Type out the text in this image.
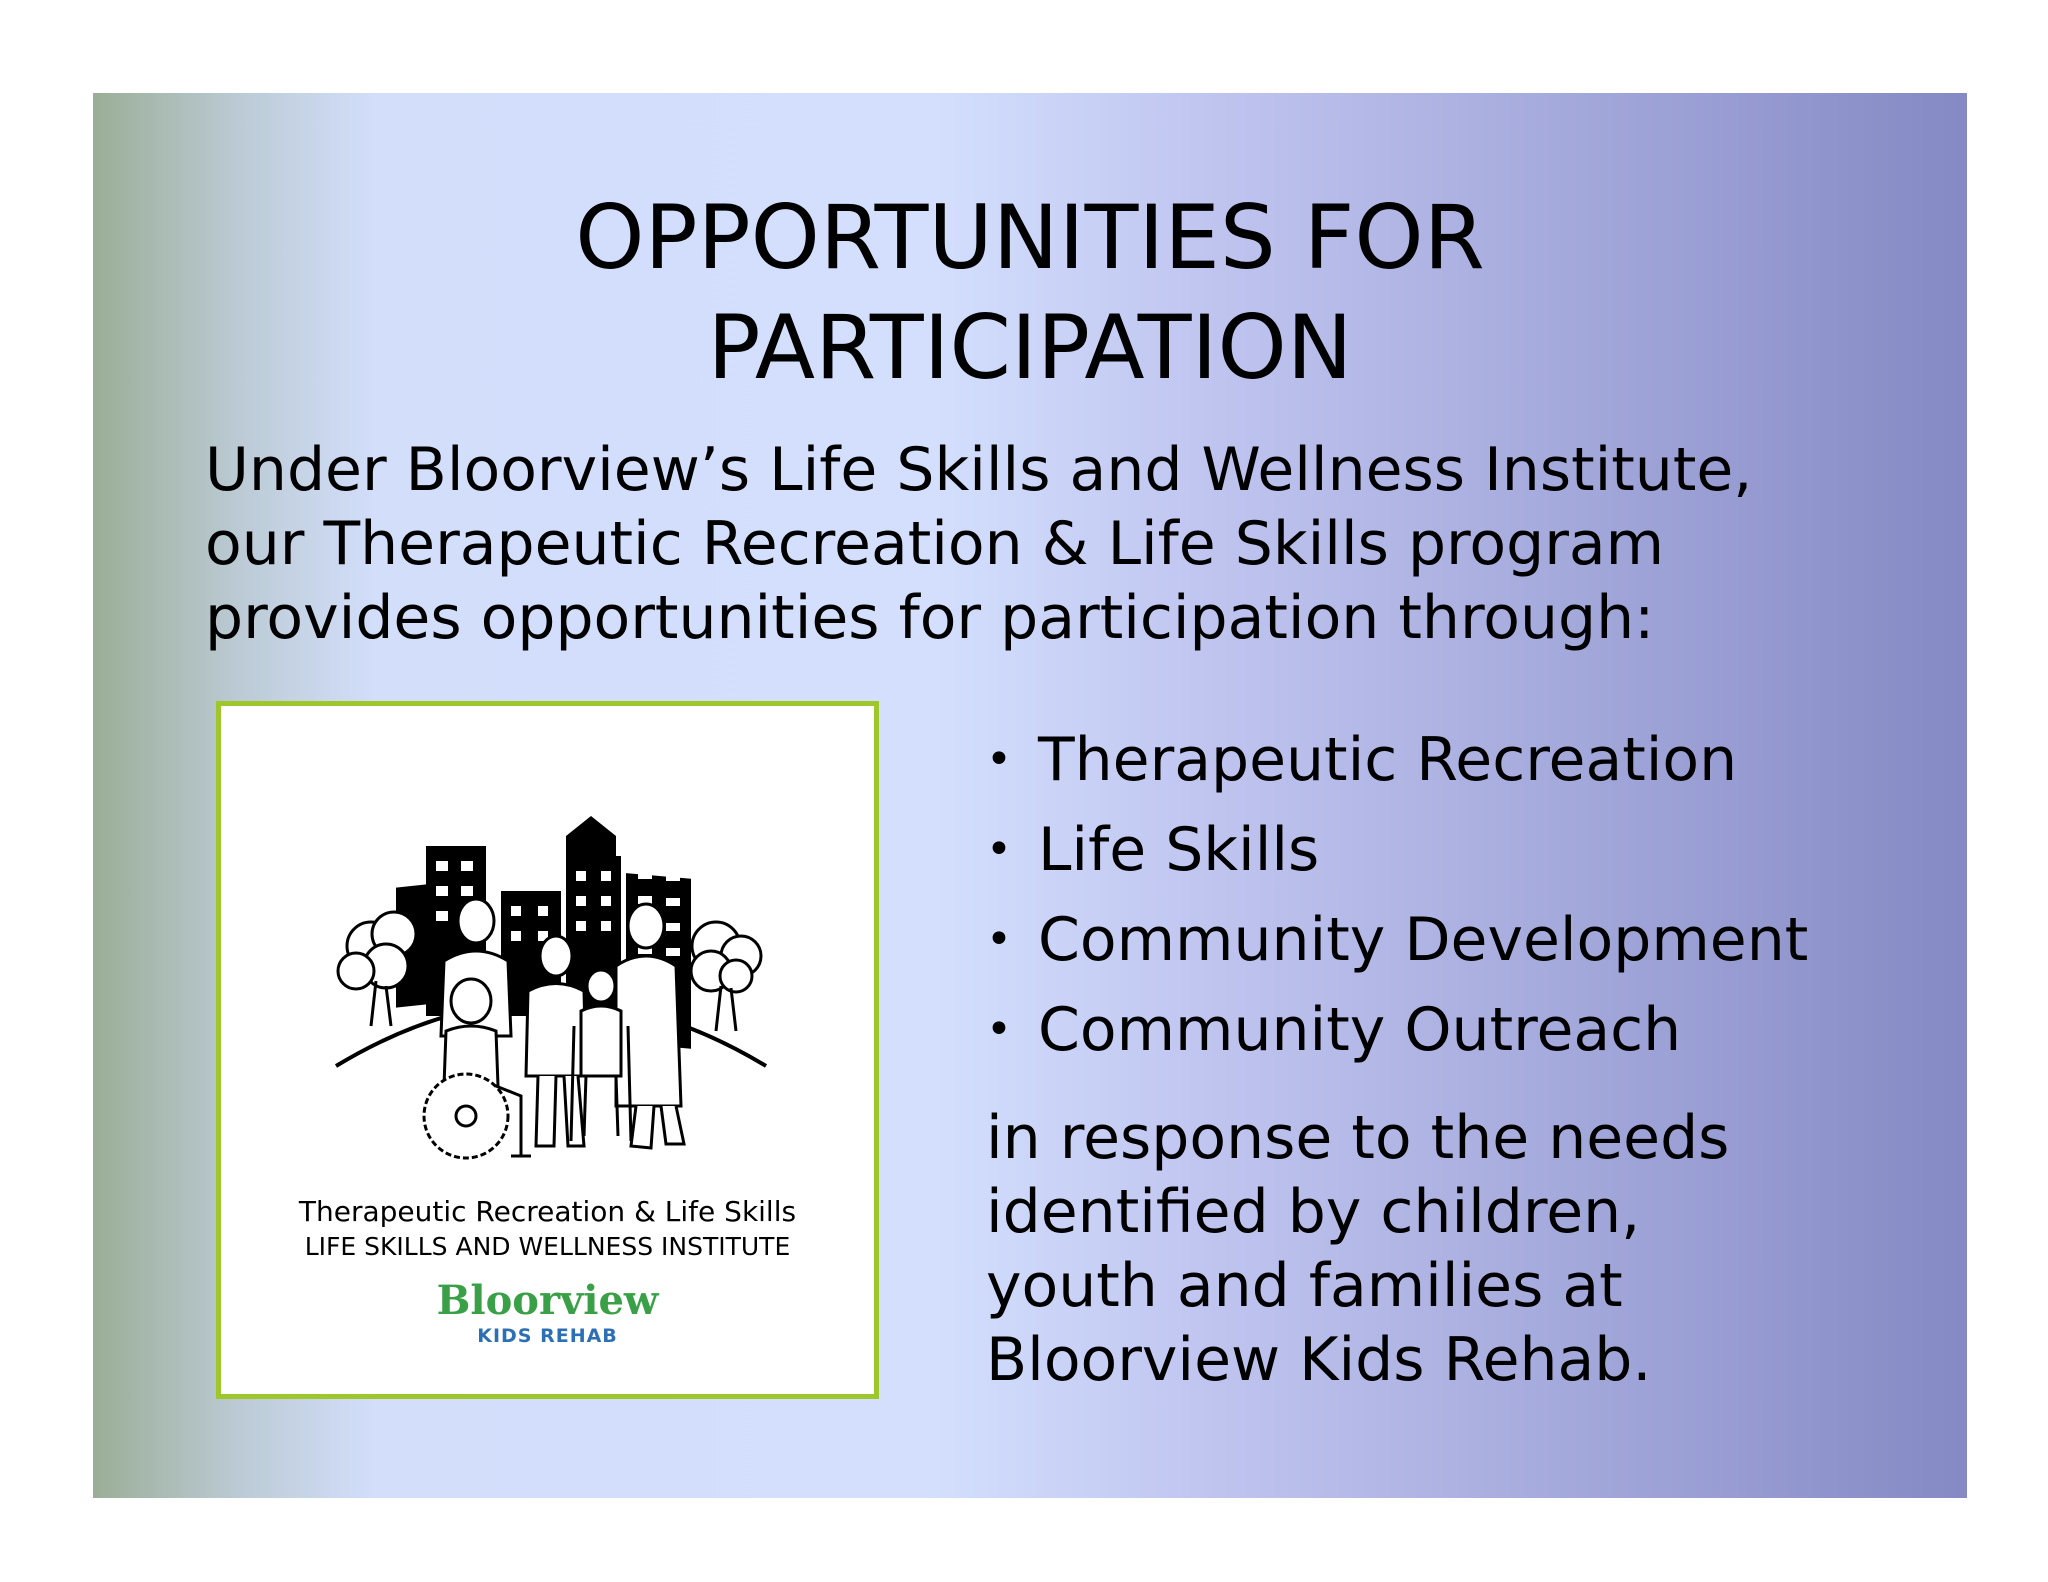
OPPORTUNITIES FOR
PARTICIPATION
Under Bloorview’s Life Skills and Wellness Institute,
our Therapeutic Recreation & Life Skills program
provides opportunities for participation through:
Therapeutic Recreation & Life Skills
LIFE SKILLS AND WELLNESS INSTITUTE
Bloorview
KIDS REHAB
• Therapeutic Recreation
• Life Skills
• Community Development
• Community Outreach
in response to the needs
identified by children,
youth and families at
Bloorview Kids Rehab.
